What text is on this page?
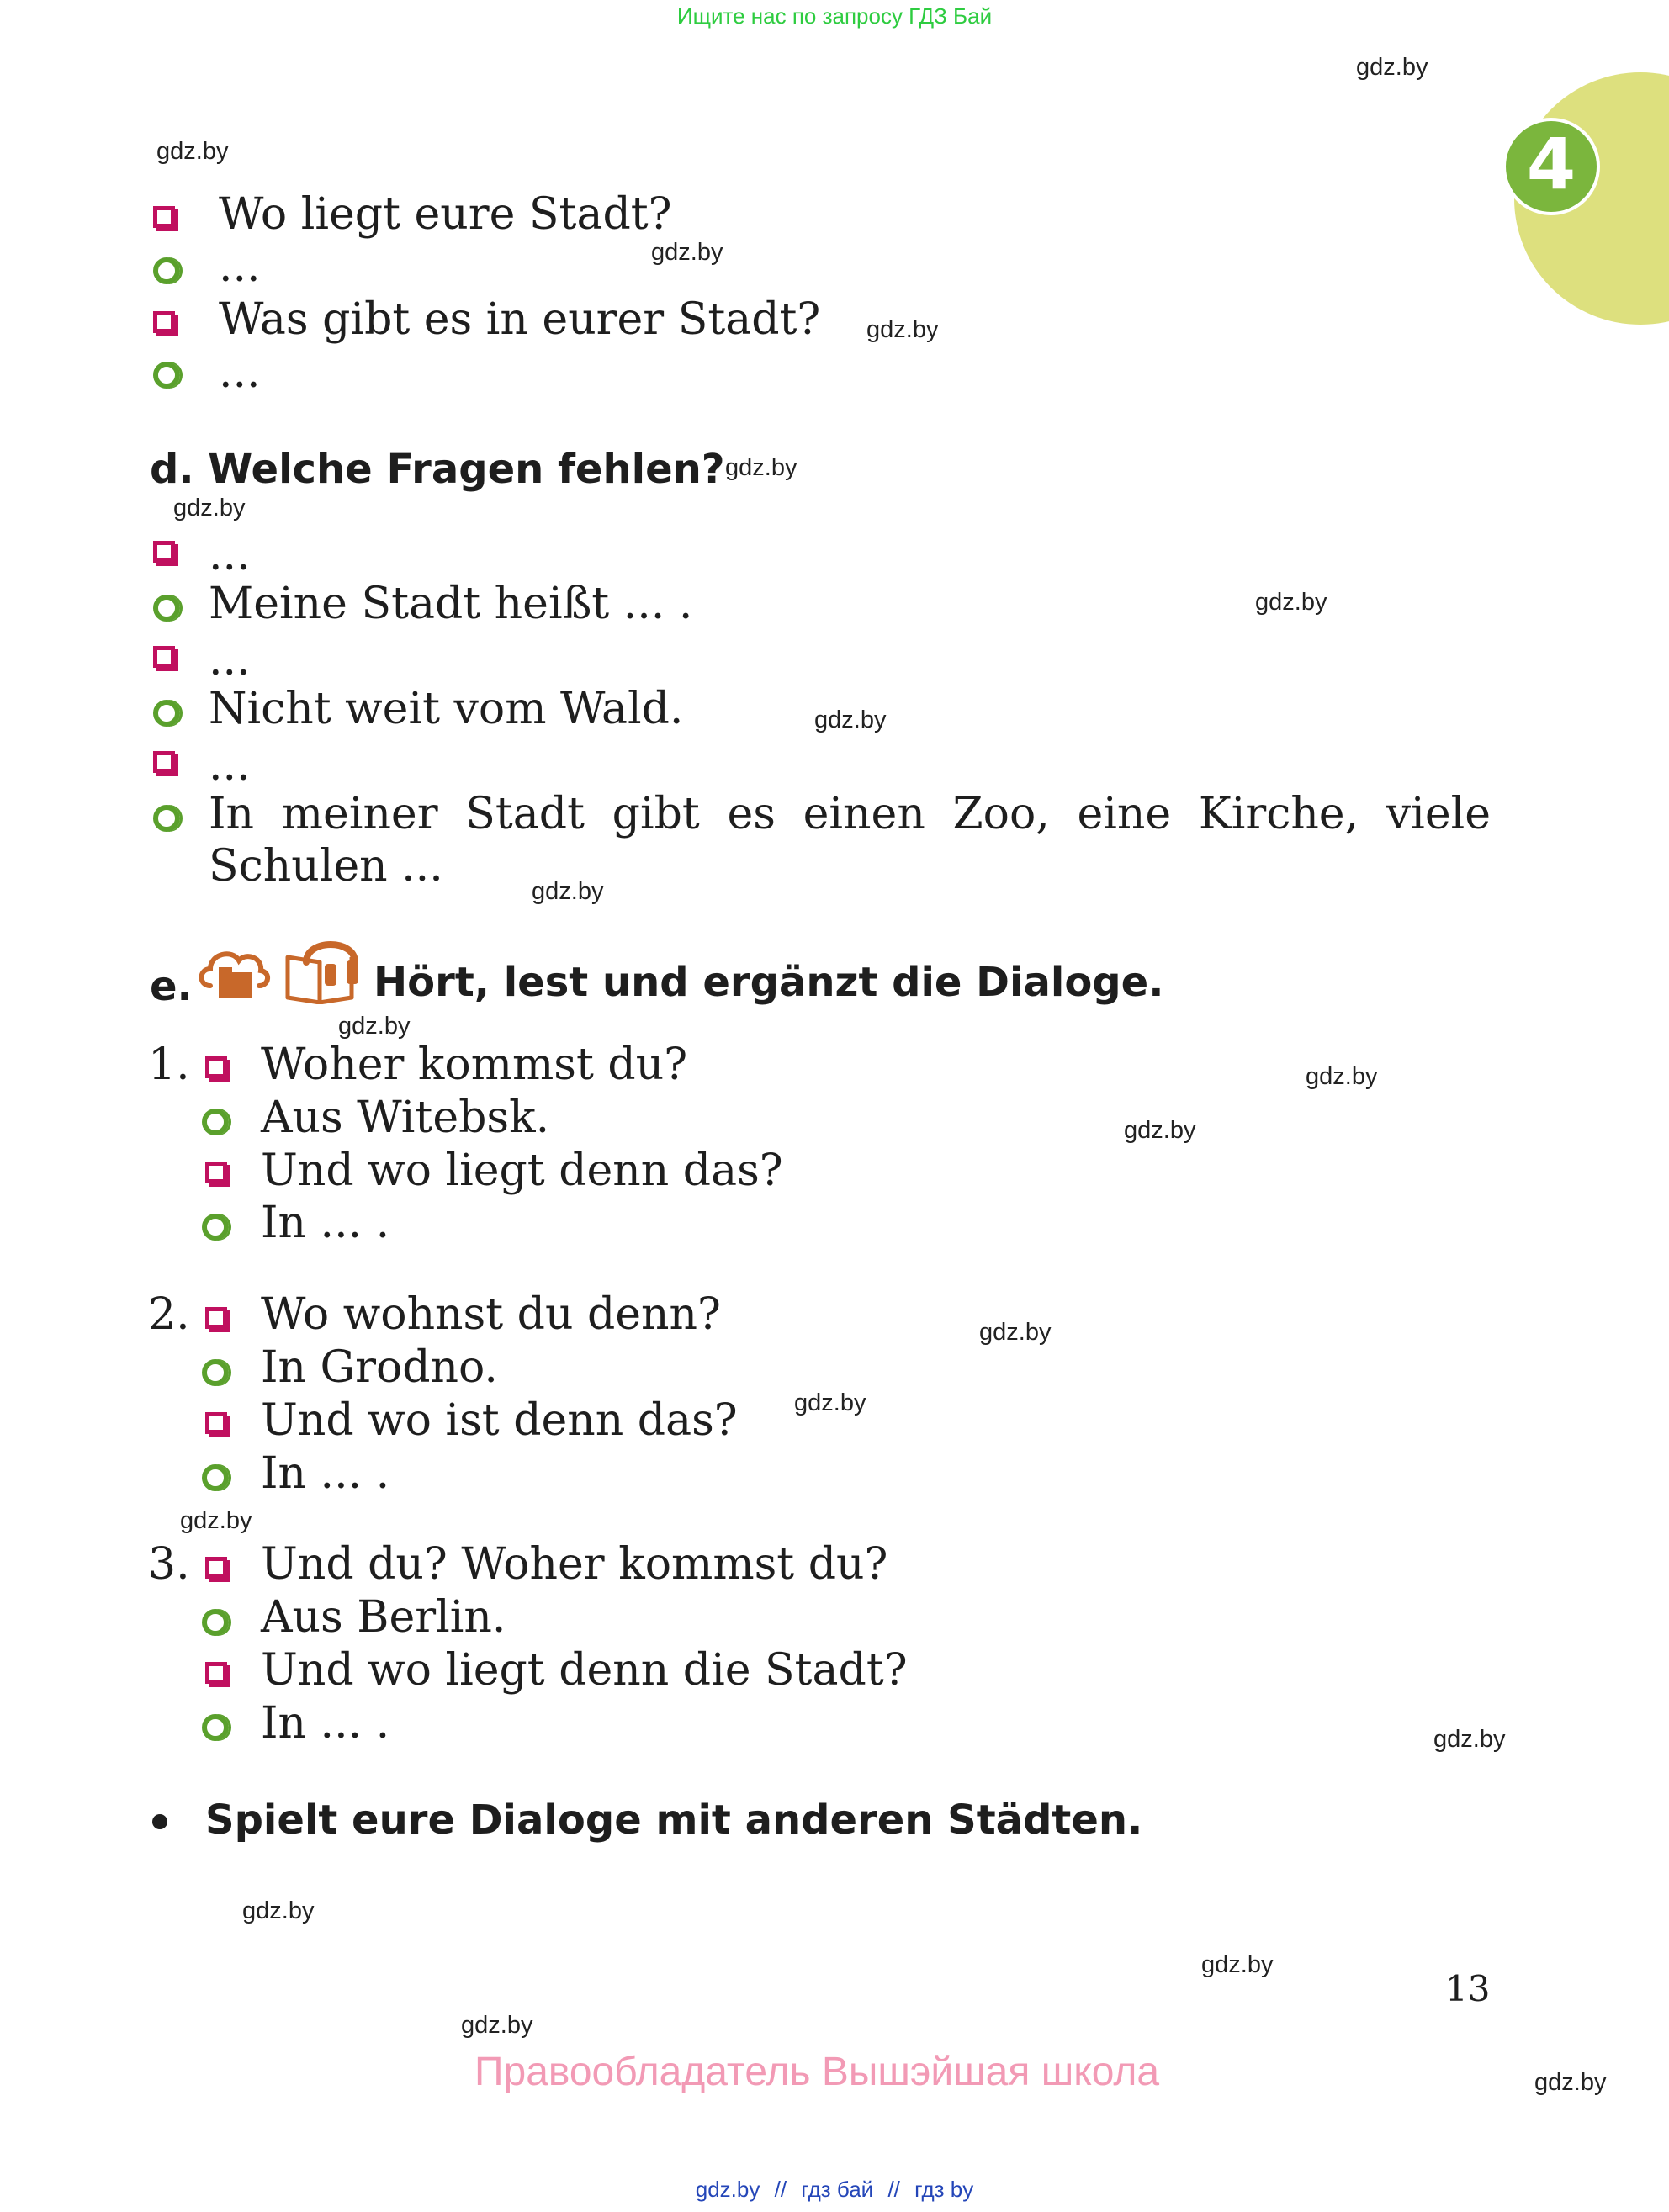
Ищите нас по запросу ГДЗ Бай
4
Wo liegt eure Stadt?
...
Was gibt es in eurer Stadt?
...
d. Welche Fragen fehlen?
...
Meine Stadt heißt ... .
...
Nicht weit vom Wald.
...
In meiner Stadt gibt es einen Zoo, eine Kirche, viele
Schulen ...
e.	Hört, lest und ergänzt die Dialoge.
1. Woher kommst du?
Aus Witebsk.
Und wo liegt denn das?
In ... .
2. Wo wohnst du denn?
In Grodno.
Und wo ist denn das?
In ... .
3. Und du? Woher kommst du?
Aus Berlin.
Und wo liegt denn die Stadt?
In ... .
Spielt eure Dialoge mit anderen Städten.
13
Правообладатель Вышэйшая школа
gdz.by
gdz.by
gdz.by
gdz.by
gdz.by
gdz.by
gdz.by
gdz.by
gdz.by
gdz.by
gdz.by
gdz.by
gdz.by
gdz.by
gdz.by
gdz.by
gdz.by
gdz.by
gdz.by
gdz.by
gdz.by // гдз бай // гдз by
